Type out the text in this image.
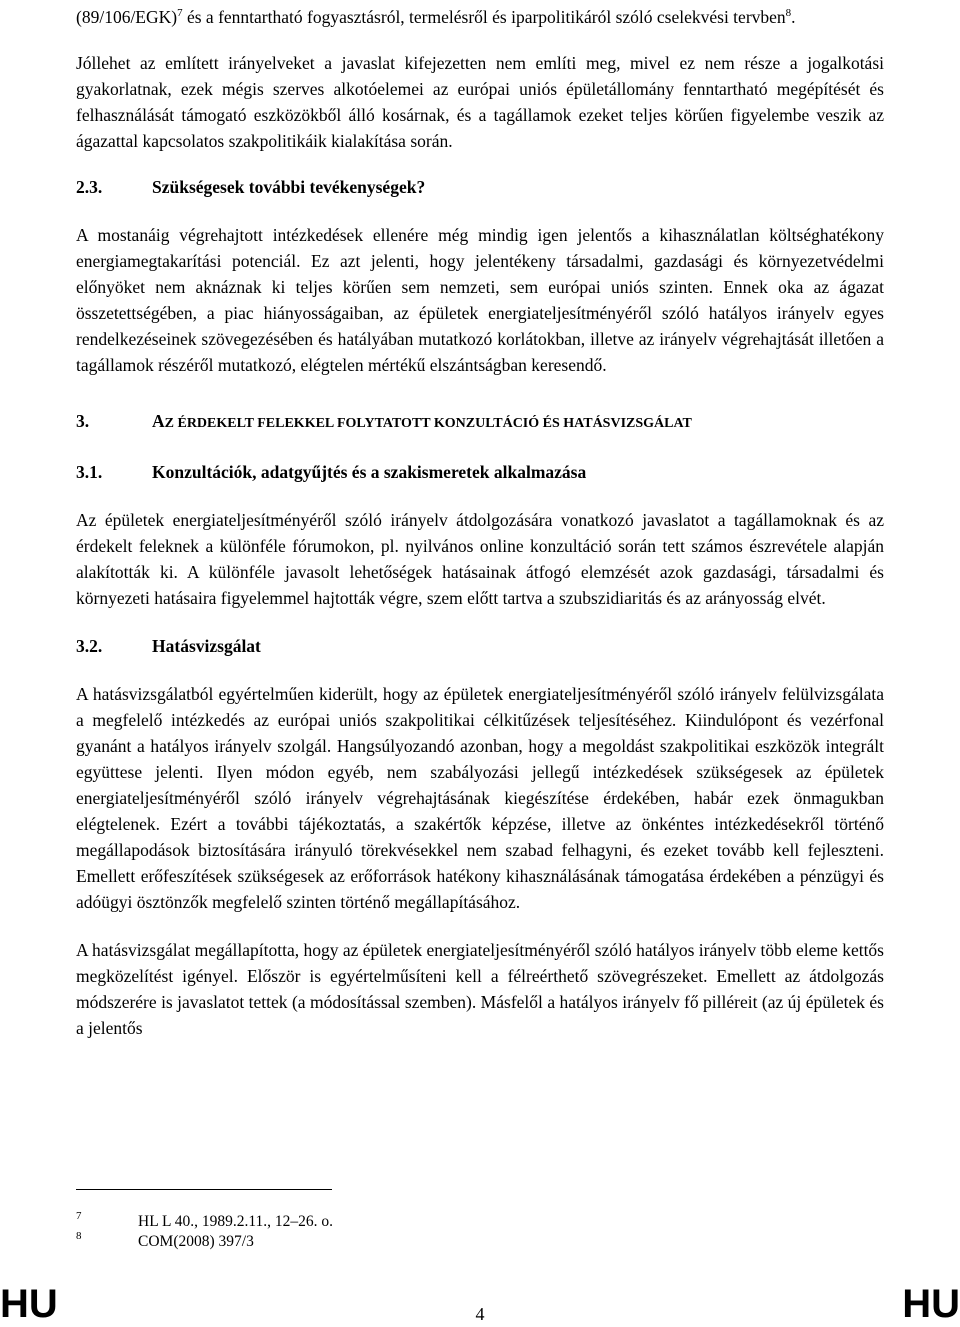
$(89/106/EGK)^7$ és a fenntartható fogyasztásról, termelésről és iparpolitikáról szóló cselekvési tervben$^8$.

Jóllehet az említett irányelveket a javaslat kifejezetten nem említi meg, mivel ez nem része a jogalkotási gyakorlatnak, ezek mégis szerves alkotóelemei az európai uniós épületállomány fenntartható megépítését és felhasználását támogató eszközökből álló kosárnak, és a tagállamok ezeket teljes körűen figyelembe veszik az ágazattal kapcsolatos szakpolitikáik kialakítása során.

2.3.	Szükségesek további tevékenységek?

A mostanáig végrehajtott intézkedések ellenére még mindig igen jelentős a kihasználatlan költséghatékony energiamegtakarítási potenciál. Ez azt jelenti, hogy jelentékeny társadalmi, gazdasági és környezetvédelmi előnyöket nem aknáznak ki teljes körűen sem nemzeti, sem európai uniós szinten. Ennek oka az ágazat összetettségében, a piac hiányosságaiban, az épületek energiateljesítményéről szóló hatályos irányelv egyes rendelkezéseinek szövegezésében és hatályában mutatkozó korlátokban, illetve az irányelv végrehajtását illetően a tagállamok részéről mutatkozó, elégtelen mértékű elszántságban keresendő.

3.	AZ ÉRDEKELT FELEKKEL FOLYTATOTT KONZULTÁCIÓ ÉS HATÁSVIZSGÁLAT
3.1.	Konzultációk, adatgyűjtés és a szakismeretek alkalmazása

Az épületek energiateljesítményéről szóló irányelv átdolgozására vonatkozó javaslatot a tagállamoknak és az érdekelt feleknek a különféle fórumokon, pl. nyilvános online konzultáció során tett számos észrevétele alapján alakították ki. A különféle javasolt lehetőségek hatásainak átfogó elemzését azok gazdasági, társadalmi és környezeti hatásaira figyelemmel hajtották végre, szem előtt tartva a szubszidiaritás és az arányosság elvét.

3.2.	Hatásvizsgálat

A hatásvizsgálatból egyértelműen kiderült, hogy az épületek energiateljesítményéről szóló irányelv felülvizsgálata a megfelelő intézkedés az európai uniós szakpolitikai célkitűzések teljesítéséhez. Kiindulópont és vezérfonal gyanánt a hatályos irányelv szolgál. Hangsúlyozandó azonban, hogy a megoldást szakpolitikai eszközök integrált együttese jelenti. Ilyen módon egyéb, nem szabályozási jellegű intézkedések szükségesek az épületek energiateljesítményéről szóló irányelv végrehajtásának kiegészítése érdekében, habár ezek önmagukban elégtelenek. Ezért a további tájékoztatás, a szakértők képzése, illetve az önkéntes intézkedésekről történő megállapodások biztosítására irányuló törekvésekkel nem szabad felhagyni, és ezeket tovább kell fejleszteni. Emellett erőfeszítések szükségesek az erőforrások hatékony kihasználásának támogatása érdekében a pénzügyi és adóügyi ösztönzők megfelelő szinten történő megállapításához.

A hatásvizsgálat megállapította, hogy az épületek energiateljesítményéről szóló hatályos irányelv több eleme kettős megközelítést igényel. Először is egyértelműsíteni kell a félreérthető szövegrészeket. Emellett az átdolgozás módszerére is javaslatot tettek (a módosítással szemben). Másfelől a hatályos irányelv fő pilléreit (az új épületek és a jelentős

7	HL L 40., 1989.2.11., 12–26. o.
8	COM(2008) 397/3
HU	4	HU
